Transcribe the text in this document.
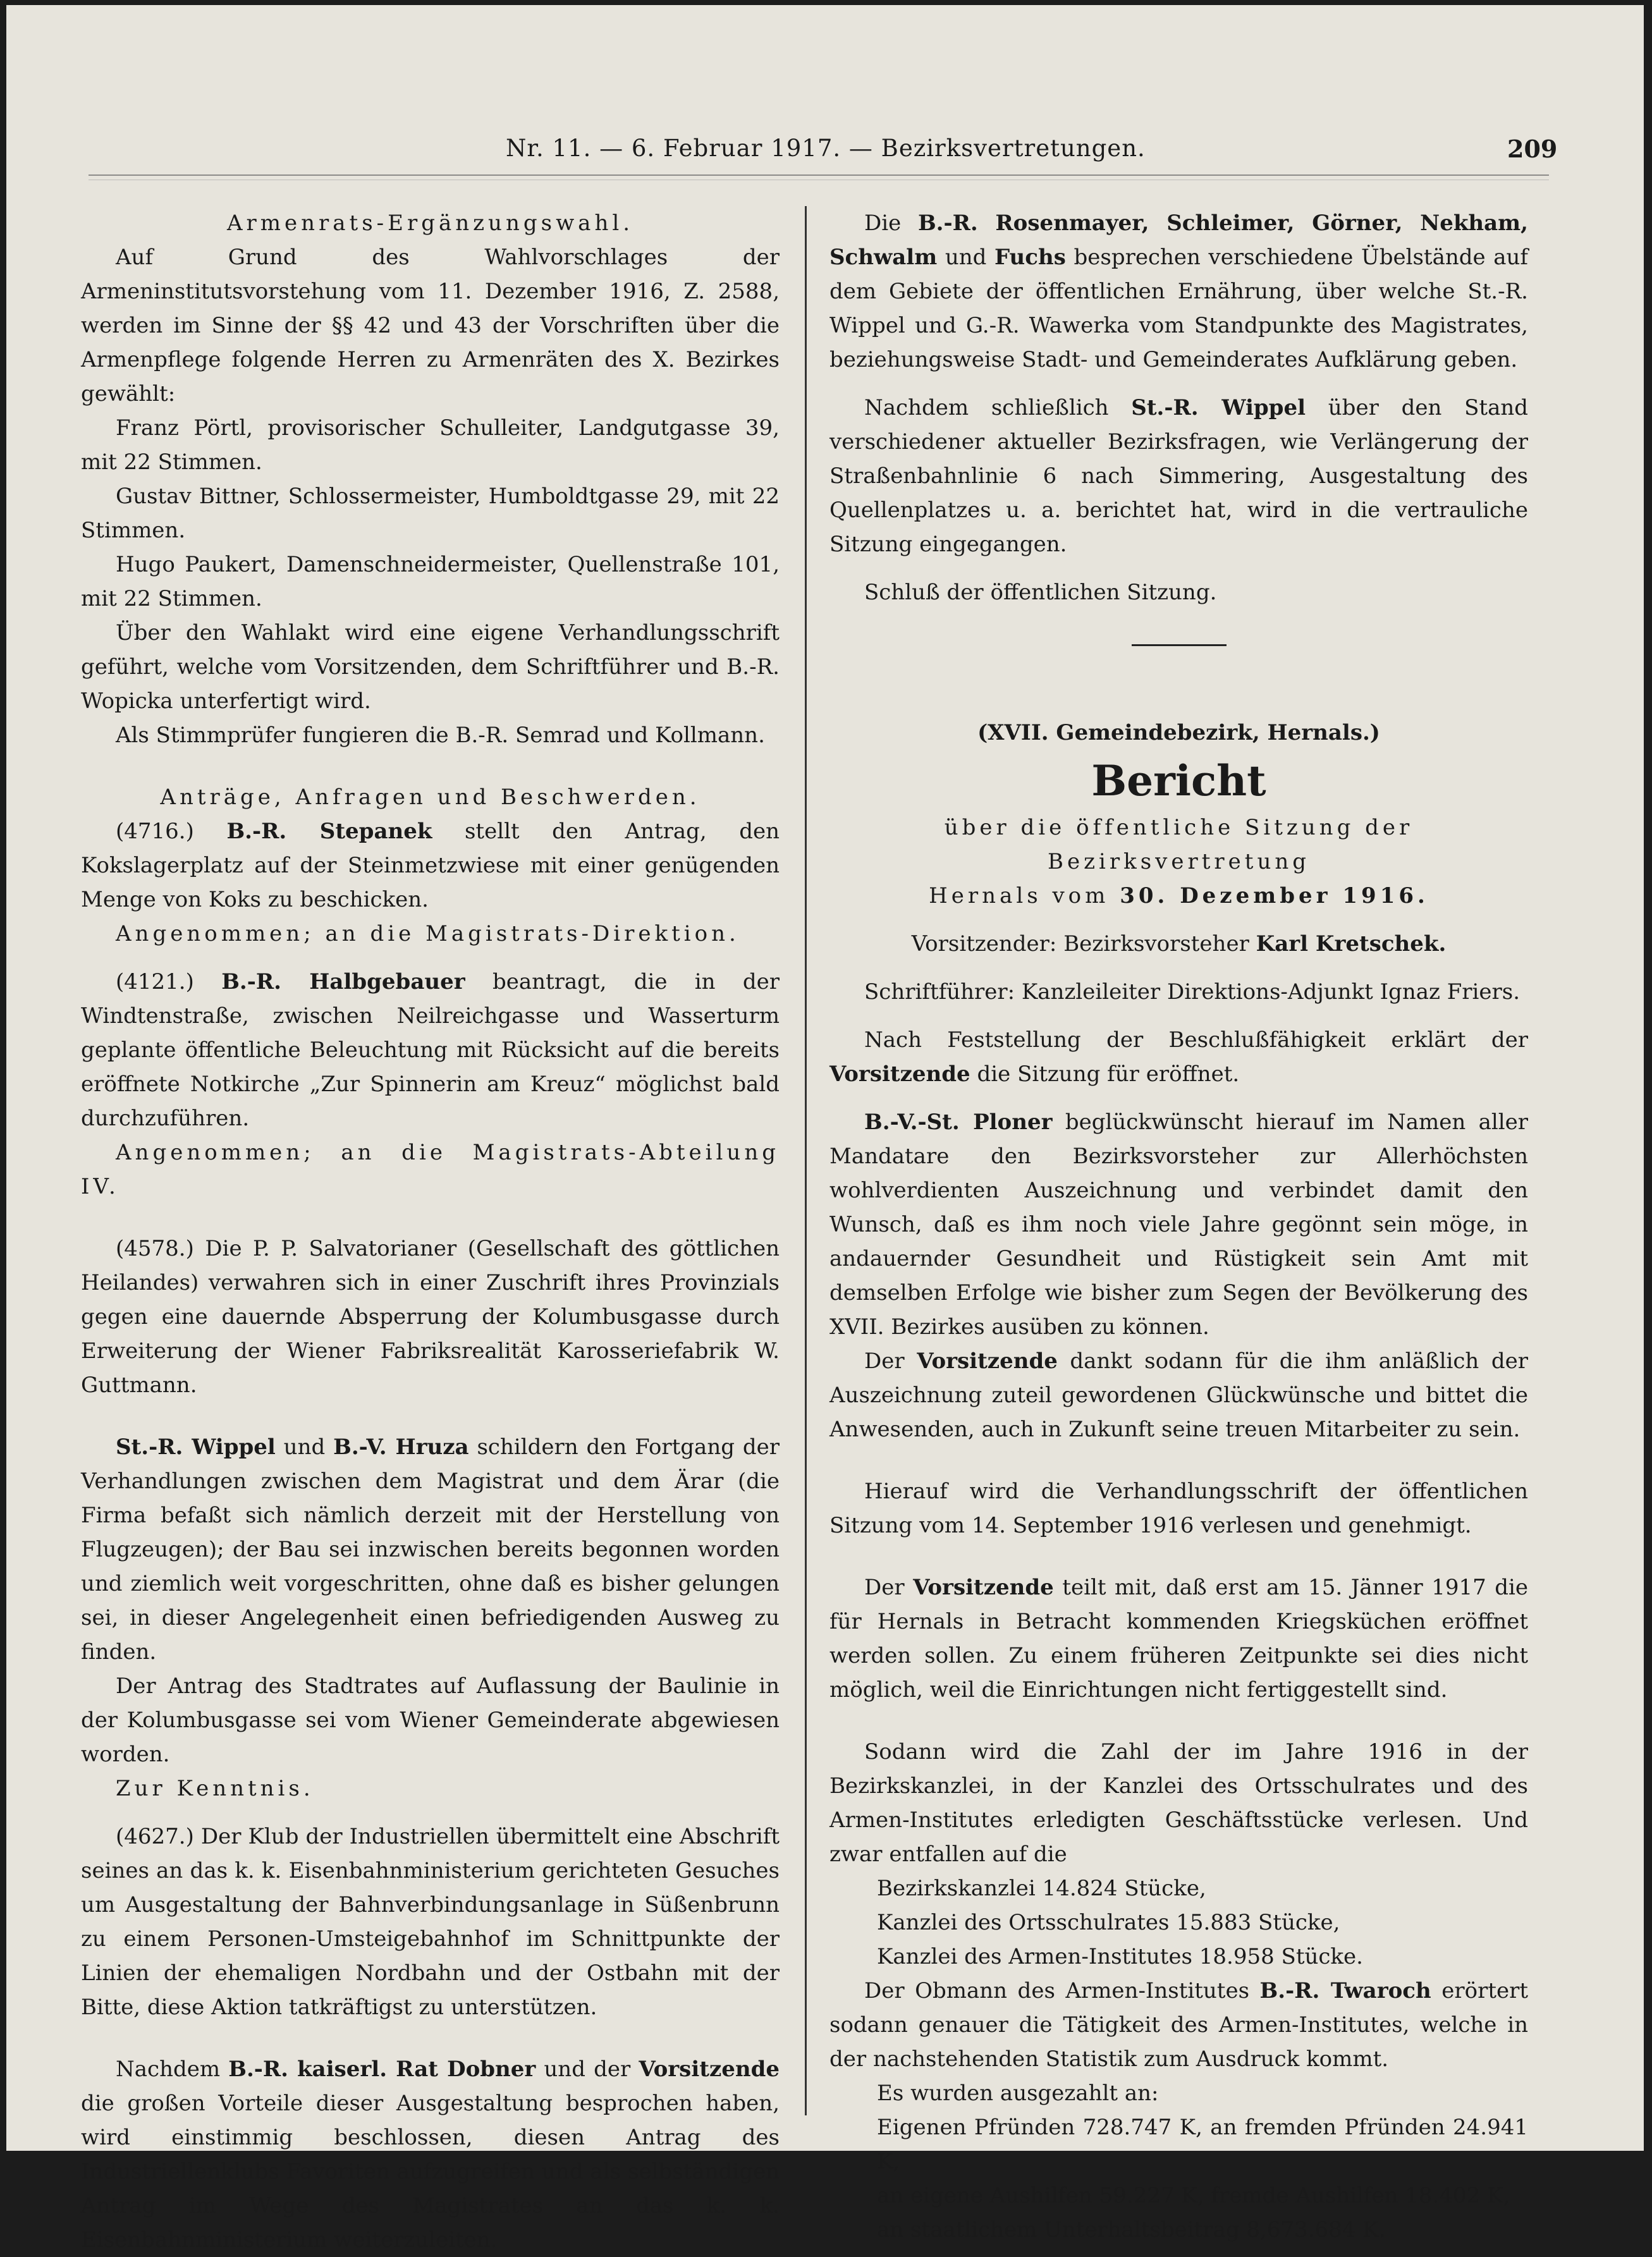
Nr. 11. — 6. Februar 1917. — Bezirksvertretungen.	209

Armenrats-Ergänzungswahl.

Auf Grund des Wahlvorschlages der Armeninstitutsvorstehung vom 11. Dezember 1916, Z. 2588, werden im Sinne der §§ 42 und 43 der Vorschriften über die Armenpflege folgende Herren zu Armenräten des X. Bezirkes gewählt:

Franz Pörtl, provisorischer Schulleiter, Landgutgasse 39, mit 22 Stimmen.

Gustav Bittner, Schlossermeister, Humboldtgasse 29, mit 22 Stimmen.

Hugo Paukert, Damenschneidermeister, Quellenstraße 101, mit 22 Stimmen.

Über den Wahlakt wird eine eigene Verhandlungsschrift geführt, welche vom Vorsitzenden, dem Schriftführer und B.-R. Wopicka unterfertigt wird.

Als Stimmprüfer fungieren die B.-R. Semrad und Kollmann.

Anträge, Anfragen und Beschwerden.

(4716.) B.-R. Stepanek stellt den Antrag, den Kokslagerplatz auf der Steinmetzwiese mit einer genügenden Menge von Koks zu beschicken.

Angenommen; an die Magistrats-Direktion.

(4121.) B.-R. Halbgebauer beantragt, die in der Windtenstraße, zwischen Neilreichgasse und Wasserturm geplante öffentliche Beleuchtung mit Rücksicht auf die bereits eröffnete Notkirche „Zur Spinnerin am Kreuz“ möglichst bald durchzuführen.

Angenommen; an die Magistrats-Abteilung IV.

(4578.) Die P. P. Salvatorianer (Gesellschaft des göttlichen Heilandes) verwahren sich in einer Zuschrift ihres Provinzials gegen eine dauernde Absperrung der Kolumbusgasse durch Erweiterung der Wiener Fabriksrealität Karosseriefabrik W. Guttmann.

St.-R. Wippel und B.-V. Hruza schildern den Fortgang der Verhandlungen zwischen dem Magistrat und dem Ärar (die Firma befaßt sich nämlich derzeit mit der Herstellung von Flugzeugen); der Bau sei inzwischen bereits begonnen worden und ziemlich weit vorgeschritten, ohne daß es bisher gelungen sei, in dieser Angelegenheit einen befriedigenden Ausweg zu finden.

Der Antrag des Stadtrates auf Auflassung der Baulinie in der Kolumbusgasse sei vom Wiener Gemeinderate abgewiesen worden.

Zur Kenntnis.

(4627.) Der Klub der Industriellen übermittelt eine Abschrift seines an das k. k. Eisenbahnministerium gerichteten Gesuches um Ausgestaltung der Bahnverbindungsanlage in Süßenbrunn zu einem Personen-Umsteigebahnhof im Schnittpunkte der Linien der ehemaligen Nordbahn und der Ostbahn mit der Bitte, diese Aktion tatkräftigst zu unterstützen.

Nachdem B.-R. kaiserl. Rat Dobner und der Vorsitzende die großen Vorteile dieser Ausgestaltung besprochen haben, wird einstimmig beschlossen, diesen Antrag des Industriellenklubs Favoriten aufzugreifen und als selbständigen Antrag im Wege des Magistrates an das k. k. Eisenbahnministerium weiterzuleiten.

Die B.-R. Rosenmayer, Schleimer, Görner, Nekham, Schwalm und Fuchs besprechen verschiedene Übelstände auf dem Gebiete der öffentlichen Ernährung, über welche St.-R. Wippel und G.-R. Wawerka vom Standpunkte des Magistrates, beziehungsweise Stadt- und Gemeinderates Aufklärung geben.

Nachdem schließlich St.-R. Wippel über den Stand verschiedener aktueller Bezirksfragen, wie Verlängerung der Straßenbahnlinie 6 nach Simmering, Ausgestaltung des Quellenplatzes u. a. berichtet hat, wird in die vertrauliche Sitzung eingegangen.

Schluß der öffentlichen Sitzung.

(XVII. Gemeindebezirk, Hernals.)

Bericht

über die öffentliche Sitzung der Bezirksvertretung

Hernals vom 30. Dezember 1916.

Vorsitzender: Bezirksvorsteher Karl Kretschek.

Schriftführer: Kanzleileiter Direktions-Adjunkt Ignaz Friers.

Nach Feststellung der Beschlußfähigkeit erklärt der Vorsitzende die Sitzung für eröffnet.

B.-V.-St. Ploner beglückwünscht hierauf im Namen aller Mandatare den Bezirksvorsteher zur Allerhöchsten wohlverdienten Auszeichnung und verbindet damit den Wunsch, daß es ihm noch viele Jahre gegönnt sein möge, in andauernder Gesundheit und Rüstigkeit sein Amt mit demselben Erfolge wie bisher zum Segen der Bevölkerung des XVII. Bezirkes ausüben zu können.

Der Vorsitzende dankt sodann für die ihm anläßlich der Auszeichnung zuteil gewordenen Glückwünsche und bittet die Anwesenden, auch in Zukunft seine treuen Mitarbeiter zu sein.

Hierauf wird die Verhandlungsschrift der öffentlichen Sitzung vom 14. September 1916 verlesen und genehmigt.

Der Vorsitzende teilt mit, daß erst am 15. Jänner 1917 die für Hernals in Betracht kommenden Kriegsküchen eröffnet werden sollen. Zu einem früheren Zeitpunkte sei dies nicht möglich, weil die Einrichtungen nicht fertiggestellt sind.

Sodann wird die Zahl der im Jahre 1916 in der Bezirkskanzlei, in der Kanzlei des Ortsschulrates und des Armen-Institutes erledigten Geschäftsstücke verlesen. Und zwar entfallen auf die

Bezirkskanzlei 14.824 Stücke,

Kanzlei des Ortsschulrates 15.883 Stücke,

Kanzlei des Armen-Institutes 18.958 Stücke.

Der Obmann des Armen-Institutes B.-R. Twaroch erörtert sodann genauer die Tätigkeit des Armen-Institutes, welche in der nachstehenden Statistik zum Ausdruck kommt.

Es wurden ausgezahlt an:

Eigenen Pfründen 728.747 K, an fremden Pfründen 24.941 K,

an eigene Aushilfen 59.227 K, fremde Aushilfen 18.402 K,

an staatlichem Unterhaltsbeitrag 8,673.684 K.
